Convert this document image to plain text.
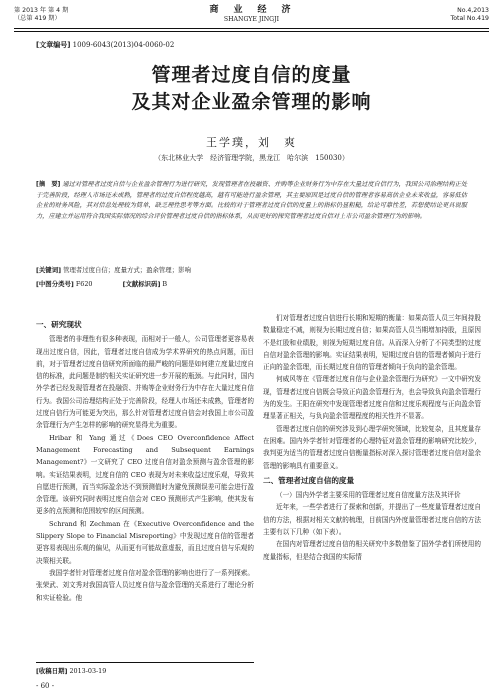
第 2013 年 第 4 期
（总第 419 期）
商　业　经　济
SHANGYE JINGJI
No.4,2013
Total No.419
[文章编号] 1009-6043(2013)04-0060-02
管理者过度自信的度量
及其对企业盈余管理的影响
王学璞，刘　爽
（东北林业大学　经济管理学院，黑龙江　哈尔滨　150030）
[摘　要] 通过对管理者过度自信与企业盈余管理行为进行研究，发现管理者在投融资、并购等企业财务行为中存在大量过度自信行为，我国公司治理结构正处于完善阶段，经理人市场还未成熟，管理者的过度自信程度越高，越有可能进行盈余管理，其主要原因是过度自信的管理者容易高估企业未来收益，容易低估企业的财务风险，其对信息处理较为简单，缺乏理性思考等方面。比较的对于管理者过度自信的度量上的指标仍显粗糙，给论可靠性差，若想使结论更具说服力，应建立并运用符合我国实际情况的综合评价管理者过度自信的指标体系，从而更好的探究管理者过度自信对上市公司盈余管理行为的影响。
[关键词] 管理者过度自信；度量方式；盈余管理；影响
[中图分类号] F620	[文献标识码] B
一、研究现状

管理者的非理性有很多种表现，而相对于一般人，公司管理者更容易表现出过度自信，因此，管理者过度自信成为学术界研究的热点问题，而目前，对于管理者过度自信研究所面临的最严峻的问题是如何建立度量过度自信的标准，此问题是制约相关实证研究进一步开展的瓶颈。与此同时，国内外学者已经发现管理者在投融资、并购等企业财务行为中存在大量过度自信行为。我国公司治理结构正处于完善阶段，经理人市场还未成熟，管理者的过度自信行为可能更为突出，那么针对管理者过度自信会对我国上市公司盈余管理行为产生怎样的影响的研究显得尤为重要。

Hribar 和 Yang 通过《Does CEO Overconfidence Affect Management Forecasting and Subsequent Earnings Management?》一文研究了 CEO 过度自信对盈余预测与盈余管理的影响。实证结果表明，过度自信的 CEO 表现为对未来收益过度乐观，导致其自愿进行预测，而当实际盈余达不到预测值时为避免预测误差可能会进行盈余管理。该研究同时表明过度自信会对 CEO 预测形式产生影响，使其发布更多的点预测和范围较窄的区间预测。

Schrand 和 Zechman 在《Executive Overconfidence and the Slippery Slope to Financial Misreporting》中发现过度自信的管理者更容易表现出乐观的偏见，从而更有可能故意虚报，而且过度自信与乐观的决策相关联。

我国学者针对管理者过度自信对盈余管理的影响也进行了一系列探索。张荣武、刘文秀对我国高管人员过度自信与盈余管理的关系进行了理论分析和实证检验。他

们对管理者过度自信进行长期和短期的衡量：如果高管人员三年间持股数量稳定不减，则视为长期过度自信；如果高管人员当期增加持股，且原因不是红股和业绩股，则视为短期过度自信。从而深入分析了不同类型的过度自信对盈余管理的影响。实证结果表明，短期过度自信的管理者倾向于进行正向的盈余管理，而长期过度自信的管理者倾向于负向的盈余管理。

何威风等在《管理者过度自信与企业盈余管理行为研究》一文中研究发现，管理者过度自信既会导致正向盈余管理行为，也会导致负向盈余管理行为的发生。王阳在研究中发现管理者过度自信和过度乐观程度与正向盈余管理显著正相关，与负向盈余管理程度的相关性并不显著。

管理者过度自信的研究涉及到心理学研究领域，比较复杂，且其度量存在困难。国内外学者针对管理者的心理特征对盈余管理的影响研究比较少，我判更为适当的管理者过度自信衡量指标对深入探讨管理者过度自信对盈余管理的影响具有重要意义。

二、管理者过度自信的度量

（一）国内外学者主要采用的管理者过度自信度量方法及其评价

近年来，一些学者进行了探索和创新，并提出了一些度量管理者过度自信的方法，根据对相关文献的梳理，目前国内外度量管理者过度自信的方法主要有以下几种（如下表）。

在国内对管理者过度自信的相关研究中多数借鉴了国外学者们所使用的度量指标，但是结合我国的实际情

[收稿日期] 2013-03-19
- 60 -
